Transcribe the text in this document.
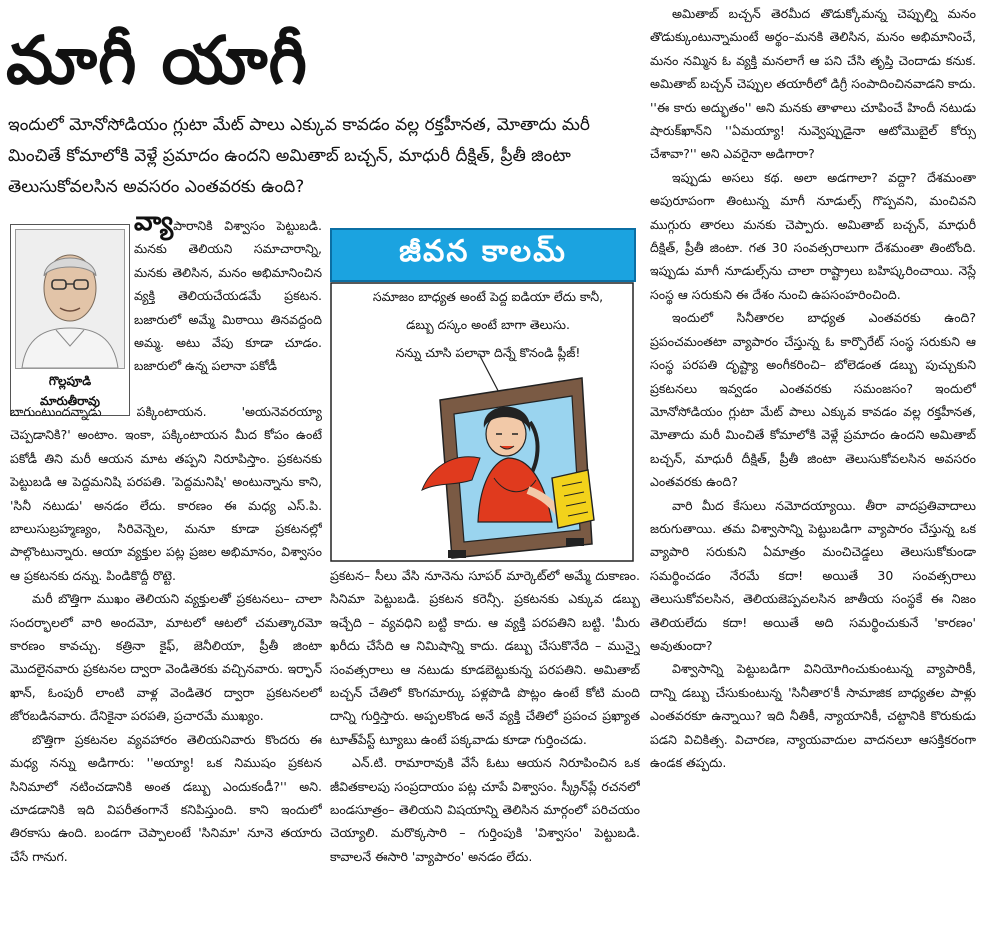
మాగీ యాగీ
ఇందులో మోనోసోడియం గ్లుటా మేట్ పాలు ఎక్కువ కావడం వల్ల రక్తహీనత, మోతాదు మరీ మించితే కోమాలోకి వెళ్లే ప్రమాదం ఉందని అమితాబ్ బచ్చన్, మాధురీ దీక్షిత్, ప్రీతీ జింటా తెలుసుకోవలసిన అవసరం ఎంతవరకు ఉంది?
గొల్లపూడి
మారుతీరావు

వ్యాపారానికి విశ్వాసం పెట్టుబడి. మనకు తెలియని సమాచారాన్ని, మనకు తెలిసిన, మనం అభిమానించిన వ్యక్తి తెలియచేయడమే ప్రకటన. బజారులో అమ్మే మిఠాయి తినవద్దంది అమ్మ. అటు వేపు కూడా చూడం. బజారులో ఉన్న పలానా పకోడీ

బాగుంటుందన్నాడు పక్కింటాయన. 'అయనెవరయ్యా చెప్పడానికి?' అంటాం. ఇంకా, పక్కింటాయన మీద కోపం ఉంటే పకోడీ తిని మరీ ఆయన మాట తప్పని నిరూపిస్తాం. ప్రకటనకు పెట్టుబడి ఆ పెద్దమనిషి పరపతి. 'పెద్దమనిషి' అంటున్నాను కాని, 'సినీ నటుడు' అనడం లేదు. కారణం ఈ మధ్య ఎస్.పి. బాలుసుబ్రహ్మణ్యం, సిరివెన్నెల, మనూ కూడా ప్రకటనల్లో పాల్గొంటున్నారు. ఆయా వ్యక్తుల పట్ల ప్రజల అభిమానం, విశ్వాసం ఆ ప్రకటనకు దన్ను. పిండికొద్దీ రొట్టె.

మరీ బొత్తిగా ముఖం తెలియని వ్యక్తులతో ప్రకటనలు– చాలా సందర్భాలలో వారి అందమో, మాటలో ఆటలో చమత్కారమో కారణం కావచ్చు. కత్రినా కైఫ్, జెనీలియా, ప్రీతీ జింటా మొదలైనవారు ప్రకటనల ద్వారా వెండితెరకు వచ్చినవారు. ఇర్ఫాన్ ఖాన్, ఓంపురీ లాంటి వాళ్ల వెండితెర ద్వారా ప్రకటనలలో జోరబడినవారు. దేనికైనా పరపతి, ప్రచారమే ముఖ్యం.

బొత్తిగా ప్రకటనల వ్యవహారం తెలియనివారు కొందరు ఈ మధ్య నన్ను అడిగారు: ''అయ్యా! ఒక నిముషం ప్రకటన సినిమాలో నటించడానికి అంత డబ్బు ఎందుకండీ?'' అని. చూడడానికి ఇది విపరీతంగానే కనిపిస్తుంది. కాని ఇందులో తిరకాసు ఉంది. బండగా చెప్పాలంటే 'సినిమా' నూనె తయారు చేసే గానుగ.

జీవన కాలమ్
సమాజం బాధ్యత అంటే పెద్ద ఐడియా లేదు కానీ,
డబ్బు దస్కం అంటే బాగా తెలుసు.
నన్ను చూసి పలానా దిన్నే కొనండి ప్లీజ్!

ప్రకటన– సీలు వేసి నూనెను సూపర్ మార్కెట్‌లో అమ్మే దుకాణం. సినిమా పెట్టుబడి. ప్రకటన కరెన్సీ. ప్రకటనకు ఎక్కువ డబ్బు ఇచ్చేది – వ్యవధిని బట్టి కాదు. ఆ వ్యక్తి పరపతిని బట్టి. 'మీరు ఖరీదు చేసేది ఆ నిమిషాన్ని కాదు. డబ్బు చేసుకొనేది – మున్నై సంవత్సరాలు ఆ నటుడు కూడబెట్టుకున్న పరపతిని. అమితాబ్ బచ్చన్ చేతిలో కొంగమార్కు పళ్లపొడి పొట్లం ఉంటే కోటి మంది దాన్ని గుర్తిస్తారు. అప్పలకొండ అనే వ్యక్తి చేతిలో ప్రపంచ ప్రఖ్యాత టూత్‌పేస్ట్ ట్యూబు ఉంటే పక్కవాడు కూడా గుర్తించడు.

ఎన్.టి. రామారావుకి వేసే ఓటు ఆయన నిరూపించిన ఒక జీవితకాలపు సంప్రదాయం పట్ల చూపే విశ్వాసం. స్క్రీన్‌ప్లే రచనలో బండసూత్రం– తెలియని విషయాన్ని తెలిసిన మార్గంలో పరిచయం చెయ్యాలి. మరొక్కసారి – గుర్తింపుకి 'విశ్వాసం' పెట్టుబడి. కావాలనే ఈసారి 'వ్యాపారం' అనడం లేదు.

అమితాబ్ బచ్చన్ తెరమీద తొడుక్కోమన్న చెప్పుల్ని మనం తొడుక్కుంటున్నామంటే అర్థం–మనకి తెలిసిన, మనం అభిమానించే, మనం నమ్మిన ఓ వ్యక్తి మనలాగే ఆ పని చేసి తృప్తి చెందాడు కనుక. అమితాబ్ బచ్చన్ చెప్పుల తయారీలో డిగ్రీ సంపాదించినవాడని కాదు. ''ఈ కారు అద్భుతం'' అని మనకు తాళాలు చూపించే హిందీ నటుడు షారుక్‌ఖాన్‌ని ''ఏమయ్యా! నువ్వెప్పుడైనా ఆటోమొబైల్ కోర్సు చేశావా?'' అని ఎవరైనా అడిగారా?

ఇప్పుడు అసలు కథ. అలా అడగాలా? వద్దా? దేశమంతా అపురూపంగా తింటున్న మాగీ నూడుల్స్ గొప్పవని, మంచివని ముగ్గురు తారలు మనకు చెప్పారు. అమితాబ్ బచ్చన్, మాధురీ దీక్షిత్, ప్రీతీ జింటా. గత 30 సంవత్సరాలుగా దేశమంతా తింటోంది. ఇప్పుడు మాగీ నూడుల్స్‌ను చాలా రాష్ట్రాలు బహిష్కరించాయి. నెస్లే సంస్థ ఆ సరుకుని ఈ దేశం నుంచి ఉపసంహరించింది.

ఇందులో సినీతారల బాధ్యత ఎంతవరకు ఉంది? ప్రపంచమంతటా వ్యాపారం చేస్తున్న ఓ కార్పొరేట్ సంస్థ సరుకుని ఆ సంస్థ పరపతి దృష్ట్యా అంగీకరించి– బోలెడంత డబ్బు పుచ్చుకుని ప్రకటనలు ఇవ్వడం ఎంతవరకు సమంజసం? ఇందులో మోనోసోడియం గ్లుటా మేట్ పాలు ఎక్కువ కావడం వల్ల రక్తహీనత, మోతాదు మరీ మించితే కోమాలోకి వెళ్లే ప్రమాదం ఉందని అమితాబ్ బచ్చన్, మాధురీ దీక్షిత్, ప్రీతీ జింటా తెలుసుకోవలసిన అవసరం ఎంతవరకు ఉంది?

వారి మీద కేసులు నమోదయ్యాయి. తీరా వాదప్రతివాదాలు జరుగుతాయి. తమ విశ్వాసాన్ని పెట్టుబడిగా వ్యాపారం చేస్తున్న ఒక వ్యాపారి సరుకుని ఏమాత్రం మంచిచెడ్డలు తెలుసుకోకుండా సమర్థించడం నేరమే కదా! అయితే 30 సంవత్సరాలు తెలుసుకోవలసిన, తెలియజెప్పవలసిన జాతీయ సంస్థకే ఈ నిజం తెలియలేదు కదా! అయితే అది సమర్థించుకునే 'కారణం' అవుతుందా?

విశ్వాసాన్ని పెట్టుబడిగా వినియోగించుకుంటున్న వ్యాపారికీ, దాన్ని డబ్బు చేసుకుంటున్న 'సినీతార'కీ సామాజిక బాధ్యతల పాళ్లు ఎంతవరకూ ఉన్నాయి? ఇది నీతికీ, న్యాయానికీ, చట్టానికి కొరుకుడు పడని విచికిత్స. విచారణ, న్యాయవాదుల వాదనలూ ఆసక్తికరంగా ఉండక తప్పదు.
